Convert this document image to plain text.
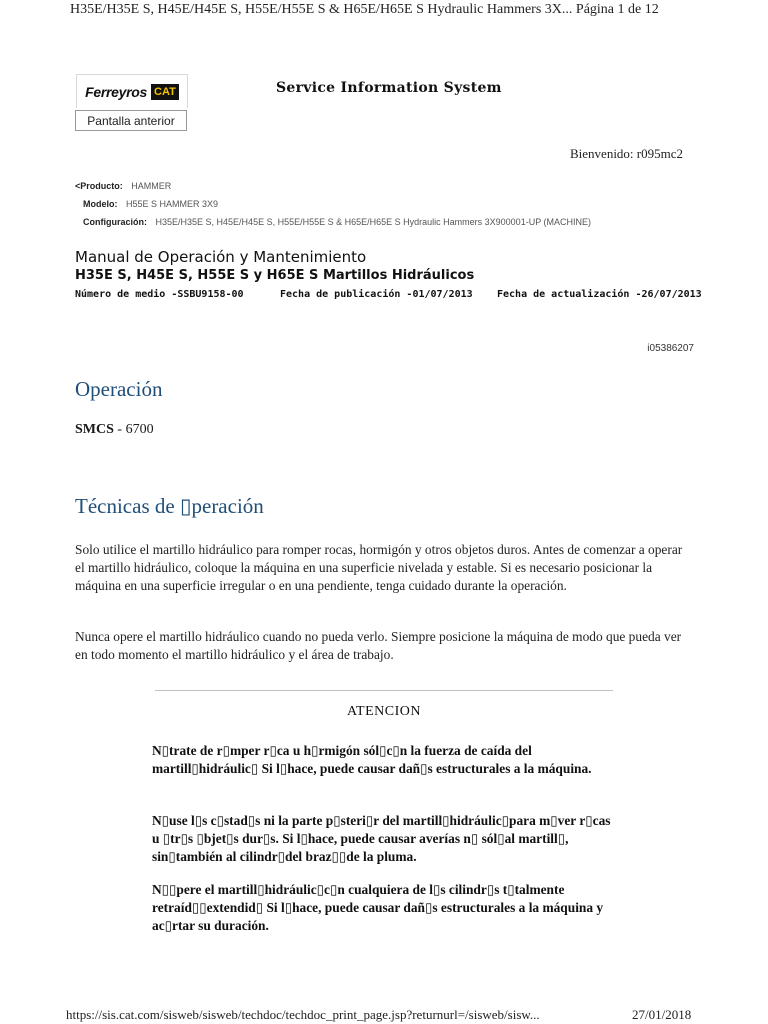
H35E/H35E S, H45E/H45E S, H55E/H55E S & H65E/H65E S Hydraulic Hammers 3X... Página 1 de 12
Ferreyros CAT	Service Information System
Pantalla anterior
Bienvenido: r095mc2
<Producto: HAMMER
Modelo: H55E S HAMMER 3X9
Configuración: H35E/H35E S, H45E/H45E S, H55E/H55E S & H65E/H65E S Hydraulic Hammers 3X900001-UP (MACHINE)
Manual de Operación y Mantenimiento
H35E S, H45E S, H55E S y H65E S Martillos Hidráulicos
Número de medio -SSBU9158-00	Fecha de publicación -01/07/2013 Fecha de actualización -26/07/2013
i05386207
Operación
SMCS - 6700
Técnicas de ▯peración
Solo utilice el martillo hidráulico para romper rocas, hormigón y otros objetos duros. Antes de comenzar a operar el martillo hidráulico, coloque la máquina en una superficie nivelada y estable. Si es necesario posicionar la máquina en una superficie irregular o en una pendiente, tenga cuidado durante la operación.
Nunca opere el martillo hidráulico cuando no pueda verlo. Siempre posicione la máquina de modo que pueda ver en todo momento el martillo hidráulico y el área de trabajo.
ATENCION
N▯trate de r▯mper r▯ca u h▯rmigón sól▯c▯n la fuerza de caída del martill▯hidráulic▯ Si l▯hace, puede causar dañ▯s estructurales a la máquina.
N▯use l▯s c▯stad▯s ni la parte p▯steri▯r del martill▯hidráulic▯para m▯ver r▯cas u ▯tr▯s ▯bjet▯s dur▯s. Si l▯hace, puede causar averías n▯ sól▯al martill▯, sin▯también al cilindr▯del braz▯▯de la pluma.
N▯▯pere el martill▯hidráulic▯c▯n cualquiera de l▯s cilindr▯s t▯talmente retraíd▯▯extendid▯ Si l▯hace, puede causar dañ▯s estructurales a la máquina y ac▯rtar su duración.
https://sis.cat.com/sisweb/sisweb/techdoc/techdoc_print_page.jsp?returnurl=/sisweb/sisw...	27/01/2018
